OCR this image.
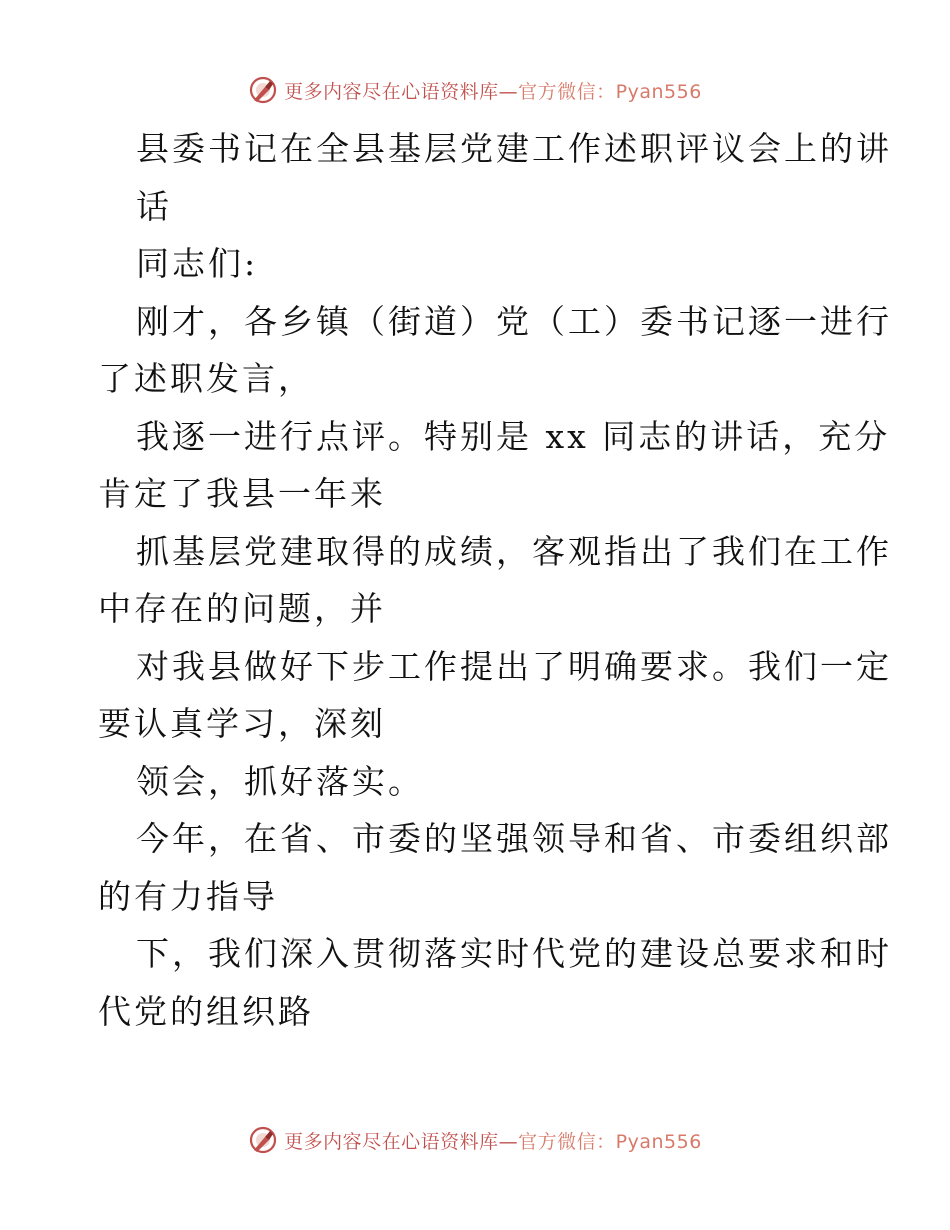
更多内容尽在心语资料库—官方微信：Pyan556
县委书记在全县基层党建工作述职评议会上的讲
话
同志们:
刚才，各乡镇（街道）党（工）委书记逐一进行
了述职发言，
我逐一进行点评。特别是 xx 同志的讲话，充分
肯定了我县一年来
抓基层党建取得的成绩，客观指出了我们在工作
中存在的问题，并
对我县做好下步工作提出了明确要求。我们一定
要认真学习，深刻
领会，抓好落实。
今年，在省、市委的坚强领导和省、市委组织部
的有力指导
下，我们深入贯彻落实时代党的建设总要求和时
代党的组织路
更多内容尽在心语资料库—官方微信：Pyan556
